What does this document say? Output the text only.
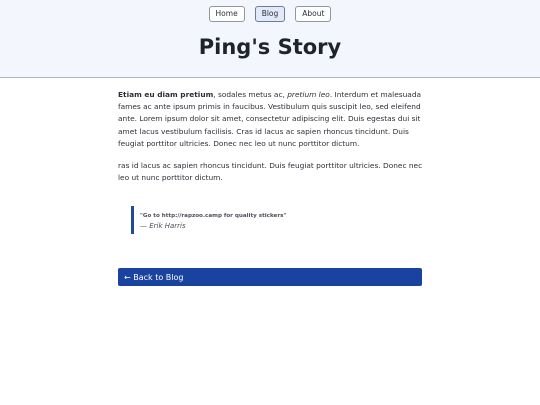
Home	Blog	About
Ping's Story

Etiam eu diam pretium, sodales metus ac, pretium leo. Interdum et malesuada fames ac ante ipsum primis in faucibus. Vestibulum quis suscipit leo, sed eleifend ante. Lorem ipsum dolor sit amet, consectetur adipiscing elit. Duis egestas dui sit amet lacus vestibulum facilisis. Cras id lacus ac sapien rhoncus tincidunt. Duis feugiat porttitor ultricies. Donec nec leo ut nunc porttitor dictum.

ras id lacus ac sapien rhoncus tincidunt. Duis feugiat porttitor ultricies. Donec nec leo ut nunc porttitor dictum.

"Go to http://rapzoo.camp for quality stickers"
— Erik Harris
← Back to Blog
